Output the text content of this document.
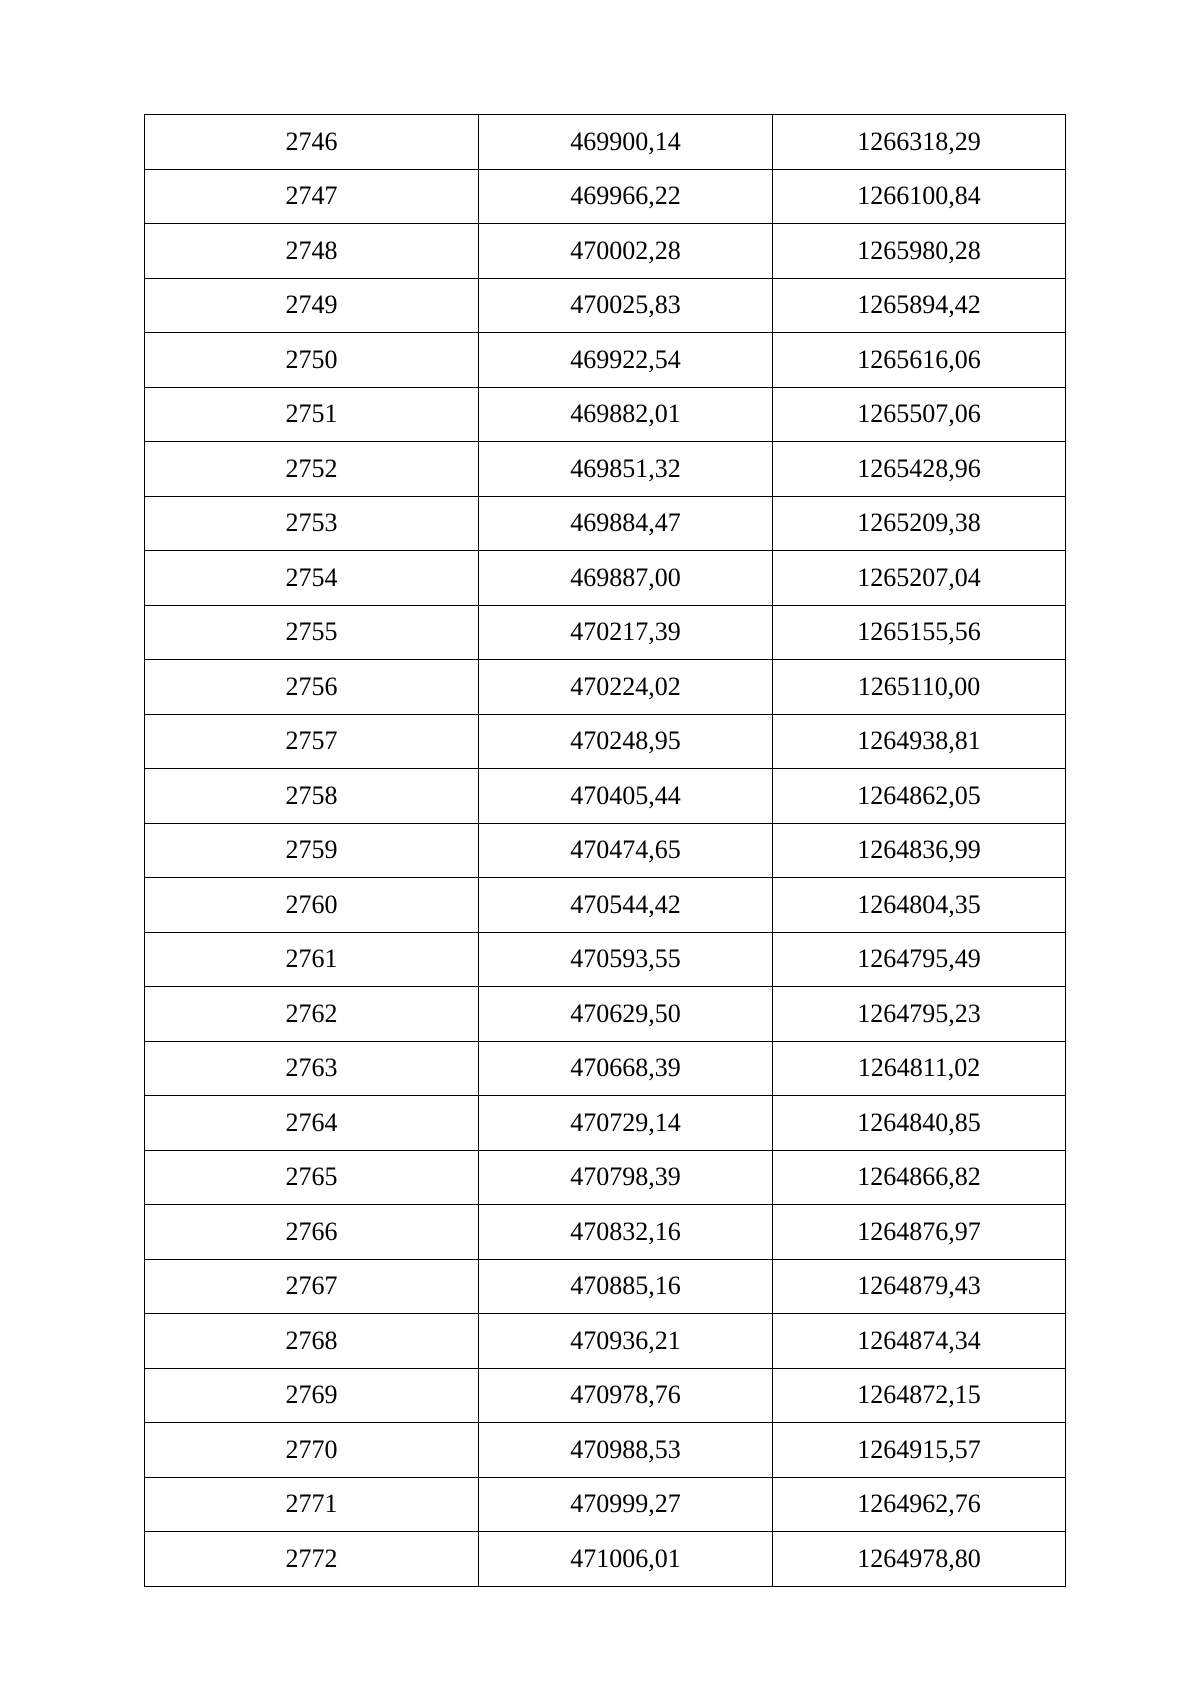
2746	469900,14	1266318,29
2747	469966,22	1266100,84
2748	470002,28	1265980,28
2749	470025,83	1265894,42
2750	469922,54	1265616,06
2751	469882,01	1265507,06
2752	469851,32	1265428,96
2753	469884,47	1265209,38
2754	469887,00	1265207,04
2755	470217,39	1265155,56
2756	470224,02	1265110,00
2757	470248,95	1264938,81
2758	470405,44	1264862,05
2759	470474,65	1264836,99
2760	470544,42	1264804,35
2761	470593,55	1264795,49
2762	470629,50	1264795,23
2763	470668,39	1264811,02
2764	470729,14	1264840,85
2765	470798,39	1264866,82
2766	470832,16	1264876,97
2767	470885,16	1264879,43
2768	470936,21	1264874,34
2769	470978,76	1264872,15
2770	470988,53	1264915,57
2771	470999,27	1264962,76
2772	471006,01	1264978,80
